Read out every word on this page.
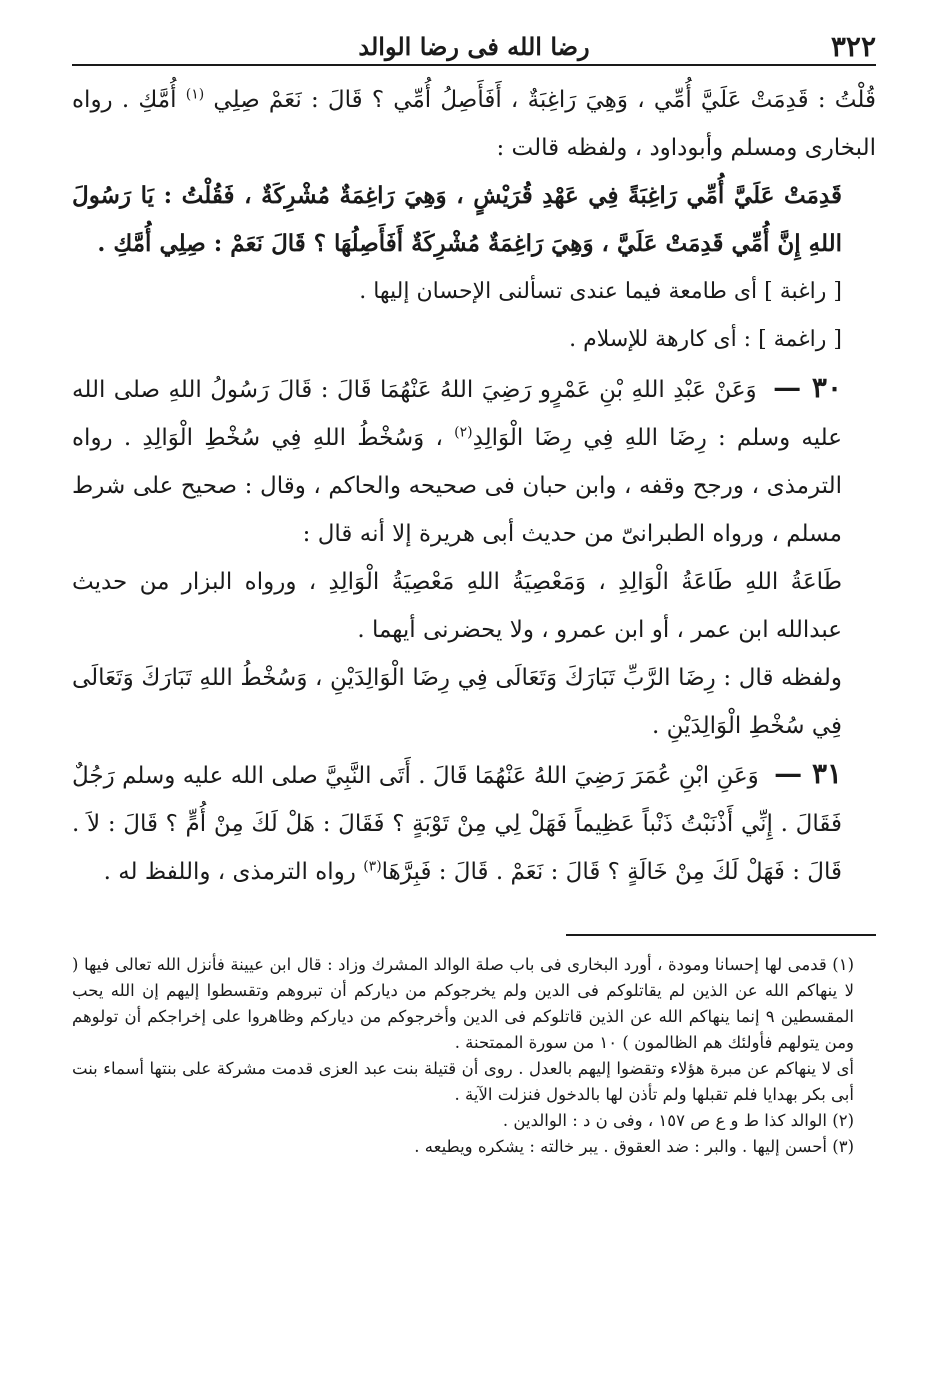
٣٢٢
رضا الله فى رضا الوالد

قُلْتُ : قَدِمَتْ عَلَيَّ أُمِّي ، وَهِيَ رَاغِبَةٌ ، أَفَأَصِلُ أُمِّي ؟ قَالَ : نَعَمْ صِلِي $^{(١)}$ أُمَّكِ . رواه البخارى ومسلم وأبوداود ، ولفظه قالت :

قَدِمَتْ عَلَيَّ أُمِّي رَاغِبَةً فِي عَهْدِ قُرَيْشٍ ، وَهِيَ رَاغِمَةٌ مُشْرِكَةٌ ، فَقُلْتُ : يَا رَسُولَ اللهِ إِنَّ أُمِّي قَدِمَتْ عَلَيَّ ، وَهِيَ رَاغِمَةٌ مُشْرِكَةٌ أَفَأَصِلُهَا ؟ قَالَ نَعَمْ : صِلِي أُمَّكِ .

[ راغبة ] أى طامعة فيما عندى تسألنى الإحسان إليها .

[ راغمة ] : أى كارهة للإسلام .

٣٠ — وَعَنْ عَبْدِ اللهِ بْنِ عَمْرٍو رَضِيَ اللهُ عَنْهُمَا قَالَ : قَالَ رَسُولُ اللهِ صلى الله عليه وسلم : رِضَا اللهِ فِي رِضَا الْوَالِدِ$^{(٢)}$ ، وَسُخْطُ اللهِ فِي سُخْطِ الْوَالِدِ . رواه الترمذى ، ورجح وقفه ، وابن حبان فى صحيحه والحاكم ، وقال : صحيح على شرط مسلم ، ورواه الطبرانىّ من حديث أبى هريرة إلا أنه قال :

طَاعَةُ اللهِ طَاعَةُ الْوَالِدِ ، وَمَعْصِيَةُ اللهِ مَعْصِيَةُ الْوَالِدِ ، ورواه البزار من حديث عبدالله ابن عمر ، أو ابن عمرو ، ولا يحضرنى أيهما .

ولفظه قال : رِضَا الرَّبِّ تَبَارَكَ وَتَعَالَى فِي رِضَا الْوَالِدَيْنِ ، وَسُخْطُ اللهِ تَبَارَكَ وَتَعَالَى فِي سُخْطِ الْوَالِدَيْنِ .

٣١ — وَعَنِ ابْنِ عُمَرَ رَضِيَ اللهُ عَنْهُمَا قَالَ . أَتَى النَّبِيَّ صلى الله عليه وسلم رَجُلٌ فَقَالَ . إِنِّي أَذْنَبْتُ ذَنْباً عَظِيماً فَهَلْ لِي مِنْ تَوْبَةٍ ؟ فَقَالَ : هَلْ لَكَ مِنْ أُمٍّ ؟ قَالَ : لاَ . قَالَ : فَهَلْ لَكَ مِنْ خَالَةٍ ؟ قَالَ : نَعَمْ . قَالَ : فَبِرَّهَا$^{(٣)}$ رواه الترمذى ، واللفظ له .

(١) قدمى لها إحسانا ومودة ، أورد البخارى فى باب صلة الوالد المشرك وزاد : قال ابن عيينة فأنزل الله تعالى فيها ( لا ينهاكم الله عن الذين لم يقاتلوكم فى الدين ولم يخرجوكم من دياركم أن تبروهم وتقسطوا إليهم إن الله يحب المقسطين ٩ إنما ينهاكم الله عن الذين قاتلوكم فى الدين وأخرجوكم من دياركم وظاهروا على إخراجكم أن تولوهم ومن يتولهم فأولئك هم الظالمون ) ١٠ من سورة الممتحنة .

أى لا ينهاكم عن مبرة هؤلاء وتقضوا إليهم بالعدل . روى أن قتيلة بنت عبد العزى قدمت مشركة على بنتها أسماء بنت أبى بكر بهدايا فلم تقبلها ولم تأذن لها بالدخول فنزلت الآية .

(٢) الوالد كذا ط و ع ص ١٥٧ ، وفى ن د : الوالدين .

(٣) أحسن إليها . والبر : ضد العقوق . يبر خالته : يشكره ويطيعه .
